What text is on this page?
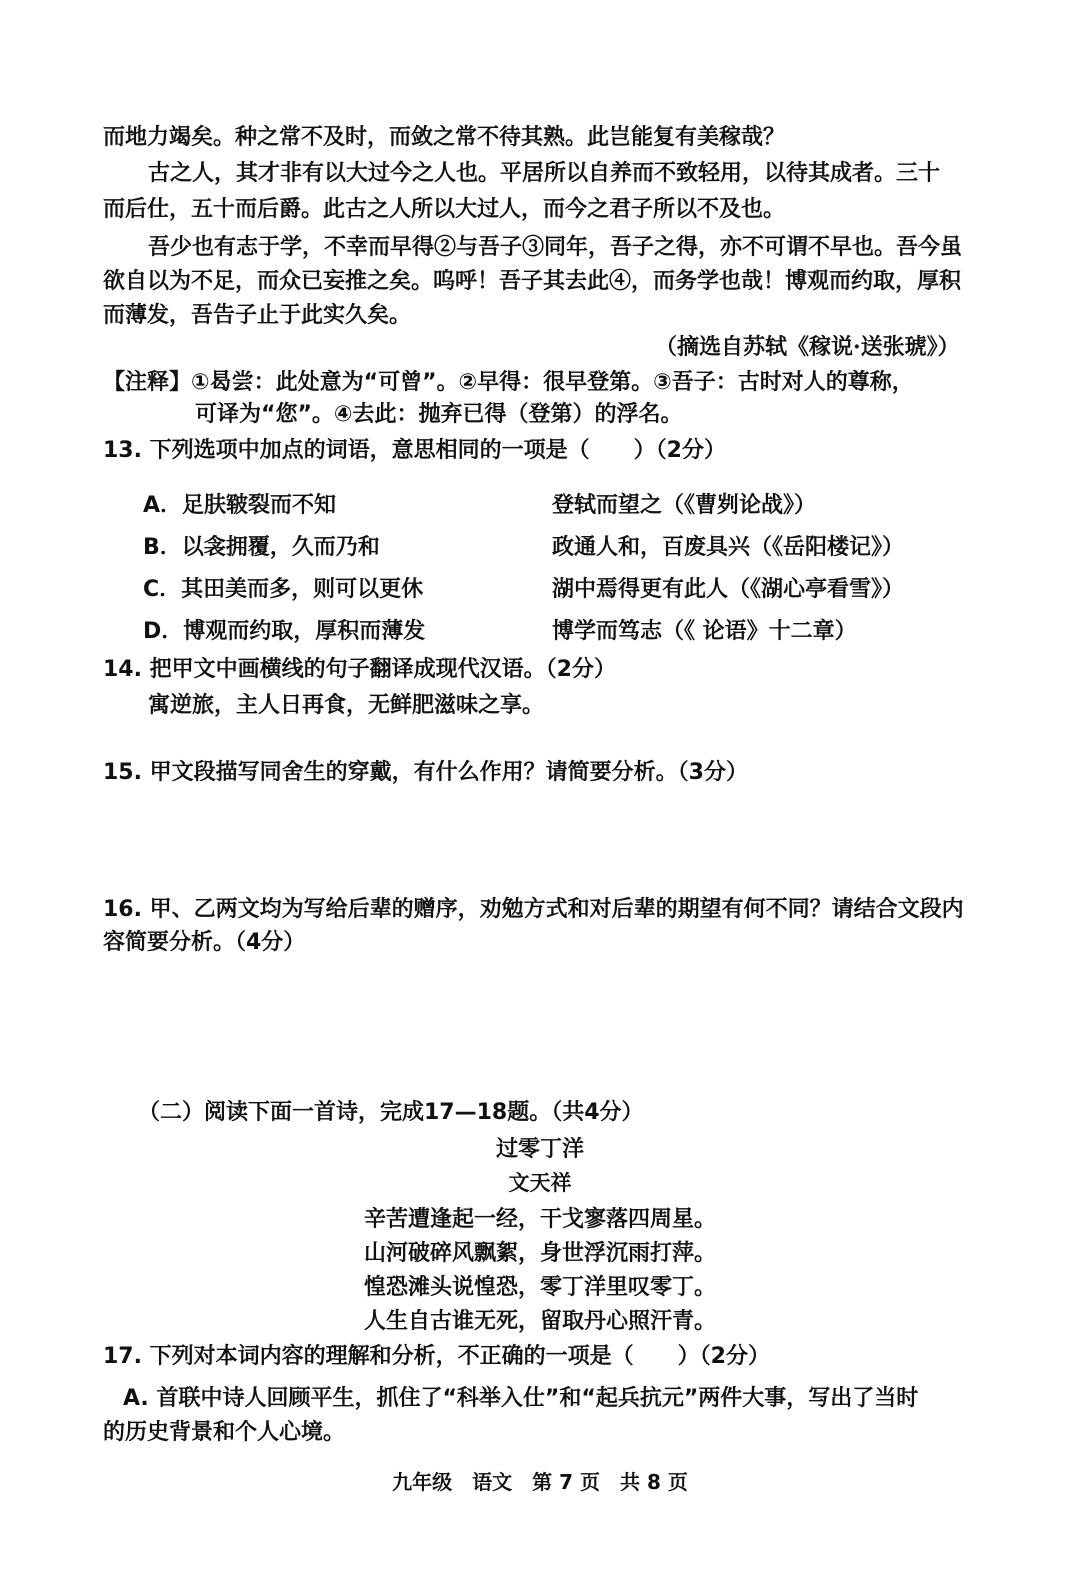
而地力竭矣。种之常不及时，而敛之常不待其熟。此岂能复有美稼哉？
古之人，其才非有以大过今之人也。平居所以自养而不致轻用，以待其成者。三十
而后仕，五十而后爵。此古之人所以大过人，而今之君子所以不及也。
吾少也有志于学，不幸而早得②与吾子③同年，吾子之得，亦不可谓不早也。吾今虽
欲自以为不足，而众已妄推之矣。呜呼！吾子其去此④，而务学也哉！博观而约取，厚积
而薄发，吾告子止于此实久矣。
（摘选自苏轼《稼说·送张琥》）
【注释】①曷尝：此处意为“可曾”。②早得：很早登第。③吾子：古时对人的尊称，
可译为“您”。④去此：抛弃已得（登第）的浮名。
13. 下列选项中加点的词语，意思相同的一项是（　　）（2分）
A．足肤皲裂而不知	登轼而望之（《曹刿论战》）
B．以衾拥覆，久而乃和	政通人和，百废具兴（《岳阳楼记》）
C．其田美而多，则可以更休	湖中焉得更有此人（《湖心亭看雪》）
D．博观而约取，厚积而薄发	博学而笃志（《 论语》十二章）
14. 把甲文中画横线的句子翻译成现代汉语。（2分）
寓逆旅，主人日再食，无鲜肥滋味之享。
15. 甲文段描写同舍生的穿戴，有什么作用？请简要分析。（3分）
16. 甲、乙两文均为写给后辈的赠序，劝勉方式和对后辈的期望有何不同？请结合文段内
容简要分析。（4分）
（二）阅读下面一首诗，完成17—18题。（共4分）
过零丁洋
文天祥
辛苦遭逢起一经，干戈寥落四周星。
山河破碎风飘絮，身世浮沉雨打萍。
惶恐滩头说惶恐，零丁洋里叹零丁。
人生自古谁无死，留取丹心照汗青。
17. 下列对本词内容的理解和分析，不正确的一项是（　　）（2分）
A. 首联中诗人回顾平生，抓住了“科举入仕”和“起兵抗元”两件大事，写出了当时
的历史背景和个人心境。
九年级　语文　第 7 页　共 8 页
